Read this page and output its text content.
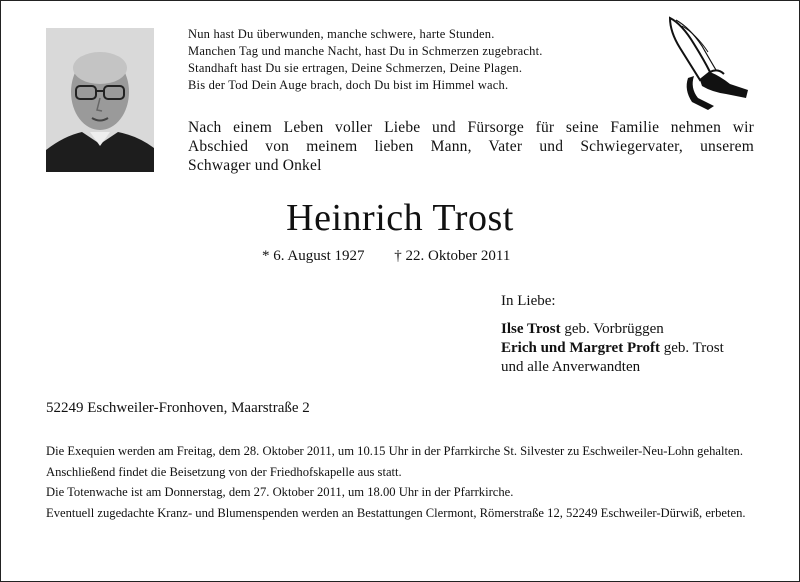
Nun hast Du überwunden, manche schwere, harte Stunden.
Manchen Tag und manche Nacht, hast Du in Schmerzen zugebracht.
Standhaft hast Du sie ertragen, Deine Schmerzen, Deine Plagen.
Bis der Tod Dein Auge brach, doch Du bist im Himmel wach.
Nach einem Leben voller Liebe und Fürsorge für seine Familie nehmen wir
Abschied von meinem lieben Mann, Vater und Schwiegervater, unserem
Schwager und Onkel
Heinrich Trost
* 6. August 1927 † 22. Oktober 2011
In Liebe:
Ilse Trost geb. Vorbrüggen
Erich und Margret Proft geb. Trost
und alle Anverwandten
52249 Eschweiler-Fronhoven, Maarstraße 2

Die Exequien werden am Freitag, dem 28. Oktober 2011, um 10.15 Uhr in der Pfarrkirche St. Silvester zu Eschweiler-Neu-Lohn gehalten.

Anschließend findet die Beisetzung von der Friedhofskapelle aus statt.

Die Totenwache ist am Donnerstag, dem 27. Oktober 2011, um 18.00 Uhr in der Pfarrkirche.

Eventuell zugedachte Kranz- und Blumenspenden werden an Bestattungen Clermont, Römerstraße 12, 52249 Eschweiler-Dürwiß, erbeten.
